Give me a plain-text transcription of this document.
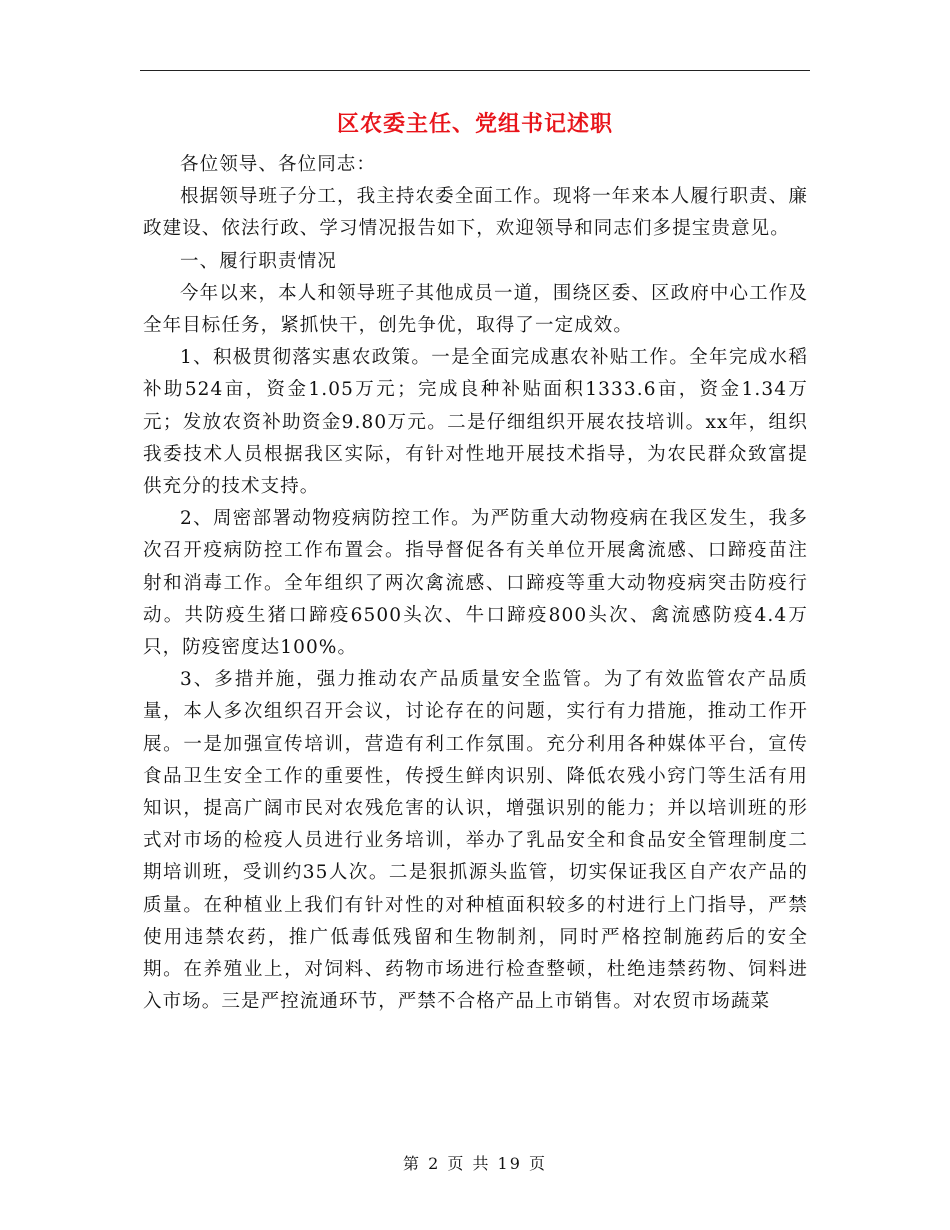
区农委主任、党组书记述职

各位领导、各位同志：

根据领导班子分工，我主持农委全面工作。现将一年来本人履行职责、廉政建设、依法行政、学习情况报告如下，欢迎领导和同志们多提宝贵意见。

一、履行职责情况

今年以来，本人和领导班子其他成员一道，围绕区委、区政府中心工作及全年目标任务，紧抓快干，创先争优，取得了一定成效。

1、积极贯彻落实惠农政策。一是全面完成惠农补贴工作。全年完成水稻补助524亩，资金1.05万元；完成良种补贴面积1333.6亩，资金1.34万元；发放农资补助资金9.80万元。二是仔细组织开展农技培训。xx年，组织我委技术人员根据我区实际，有针对性地开展技术指导，为农民群众致富提供充分的技术支持。

2、周密部署动物疫病防控工作。为严防重大动物疫病在我区发生，我多次召开疫病防控工作布置会。指导督促各有关单位开展禽流感、口蹄疫苗注射和消毒工作。全年组织了两次禽流感、口蹄疫等重大动物疫病突击防疫行动。共防疫生猪口蹄疫6500头次、牛口蹄疫800头次、禽流感防疫4.4万只，防疫密度达100%。

3、多措并施，强力推动农产品质量安全监管。为了有效监管农产品质量，本人多次组织召开会议，讨论存在的问题，实行有力措施，推动工作开展。一是加强宣传培训，营造有利工作氛围。充分利用各种媒体平台，宣传食品卫生安全工作的重要性，传授生鲜肉识别、降低农残小窍门等生活有用知识，提高广阔市民对农残危害的认识，增强识别的能力；并以培训班的形式对市场的检疫人员进行业务培训，举办了乳品安全和食品安全管理制度二期培训班，受训约35人次。二是狠抓源头监管，切实保证我区自产农产品的质量。在种植业上我们有针对性的对种植面积较多的村进行上门指导，严禁使用违禁农药，推广低毒低残留和生物制剂，同时严格控制施药后的安全期。在养殖业上，对饲料、药物市场进行检查整顿，杜绝违禁药物、饲料进入市场。三是严控流通环节，严禁不合格产品上市销售。对农贸市场蔬菜

第 2 页 共 19 页
